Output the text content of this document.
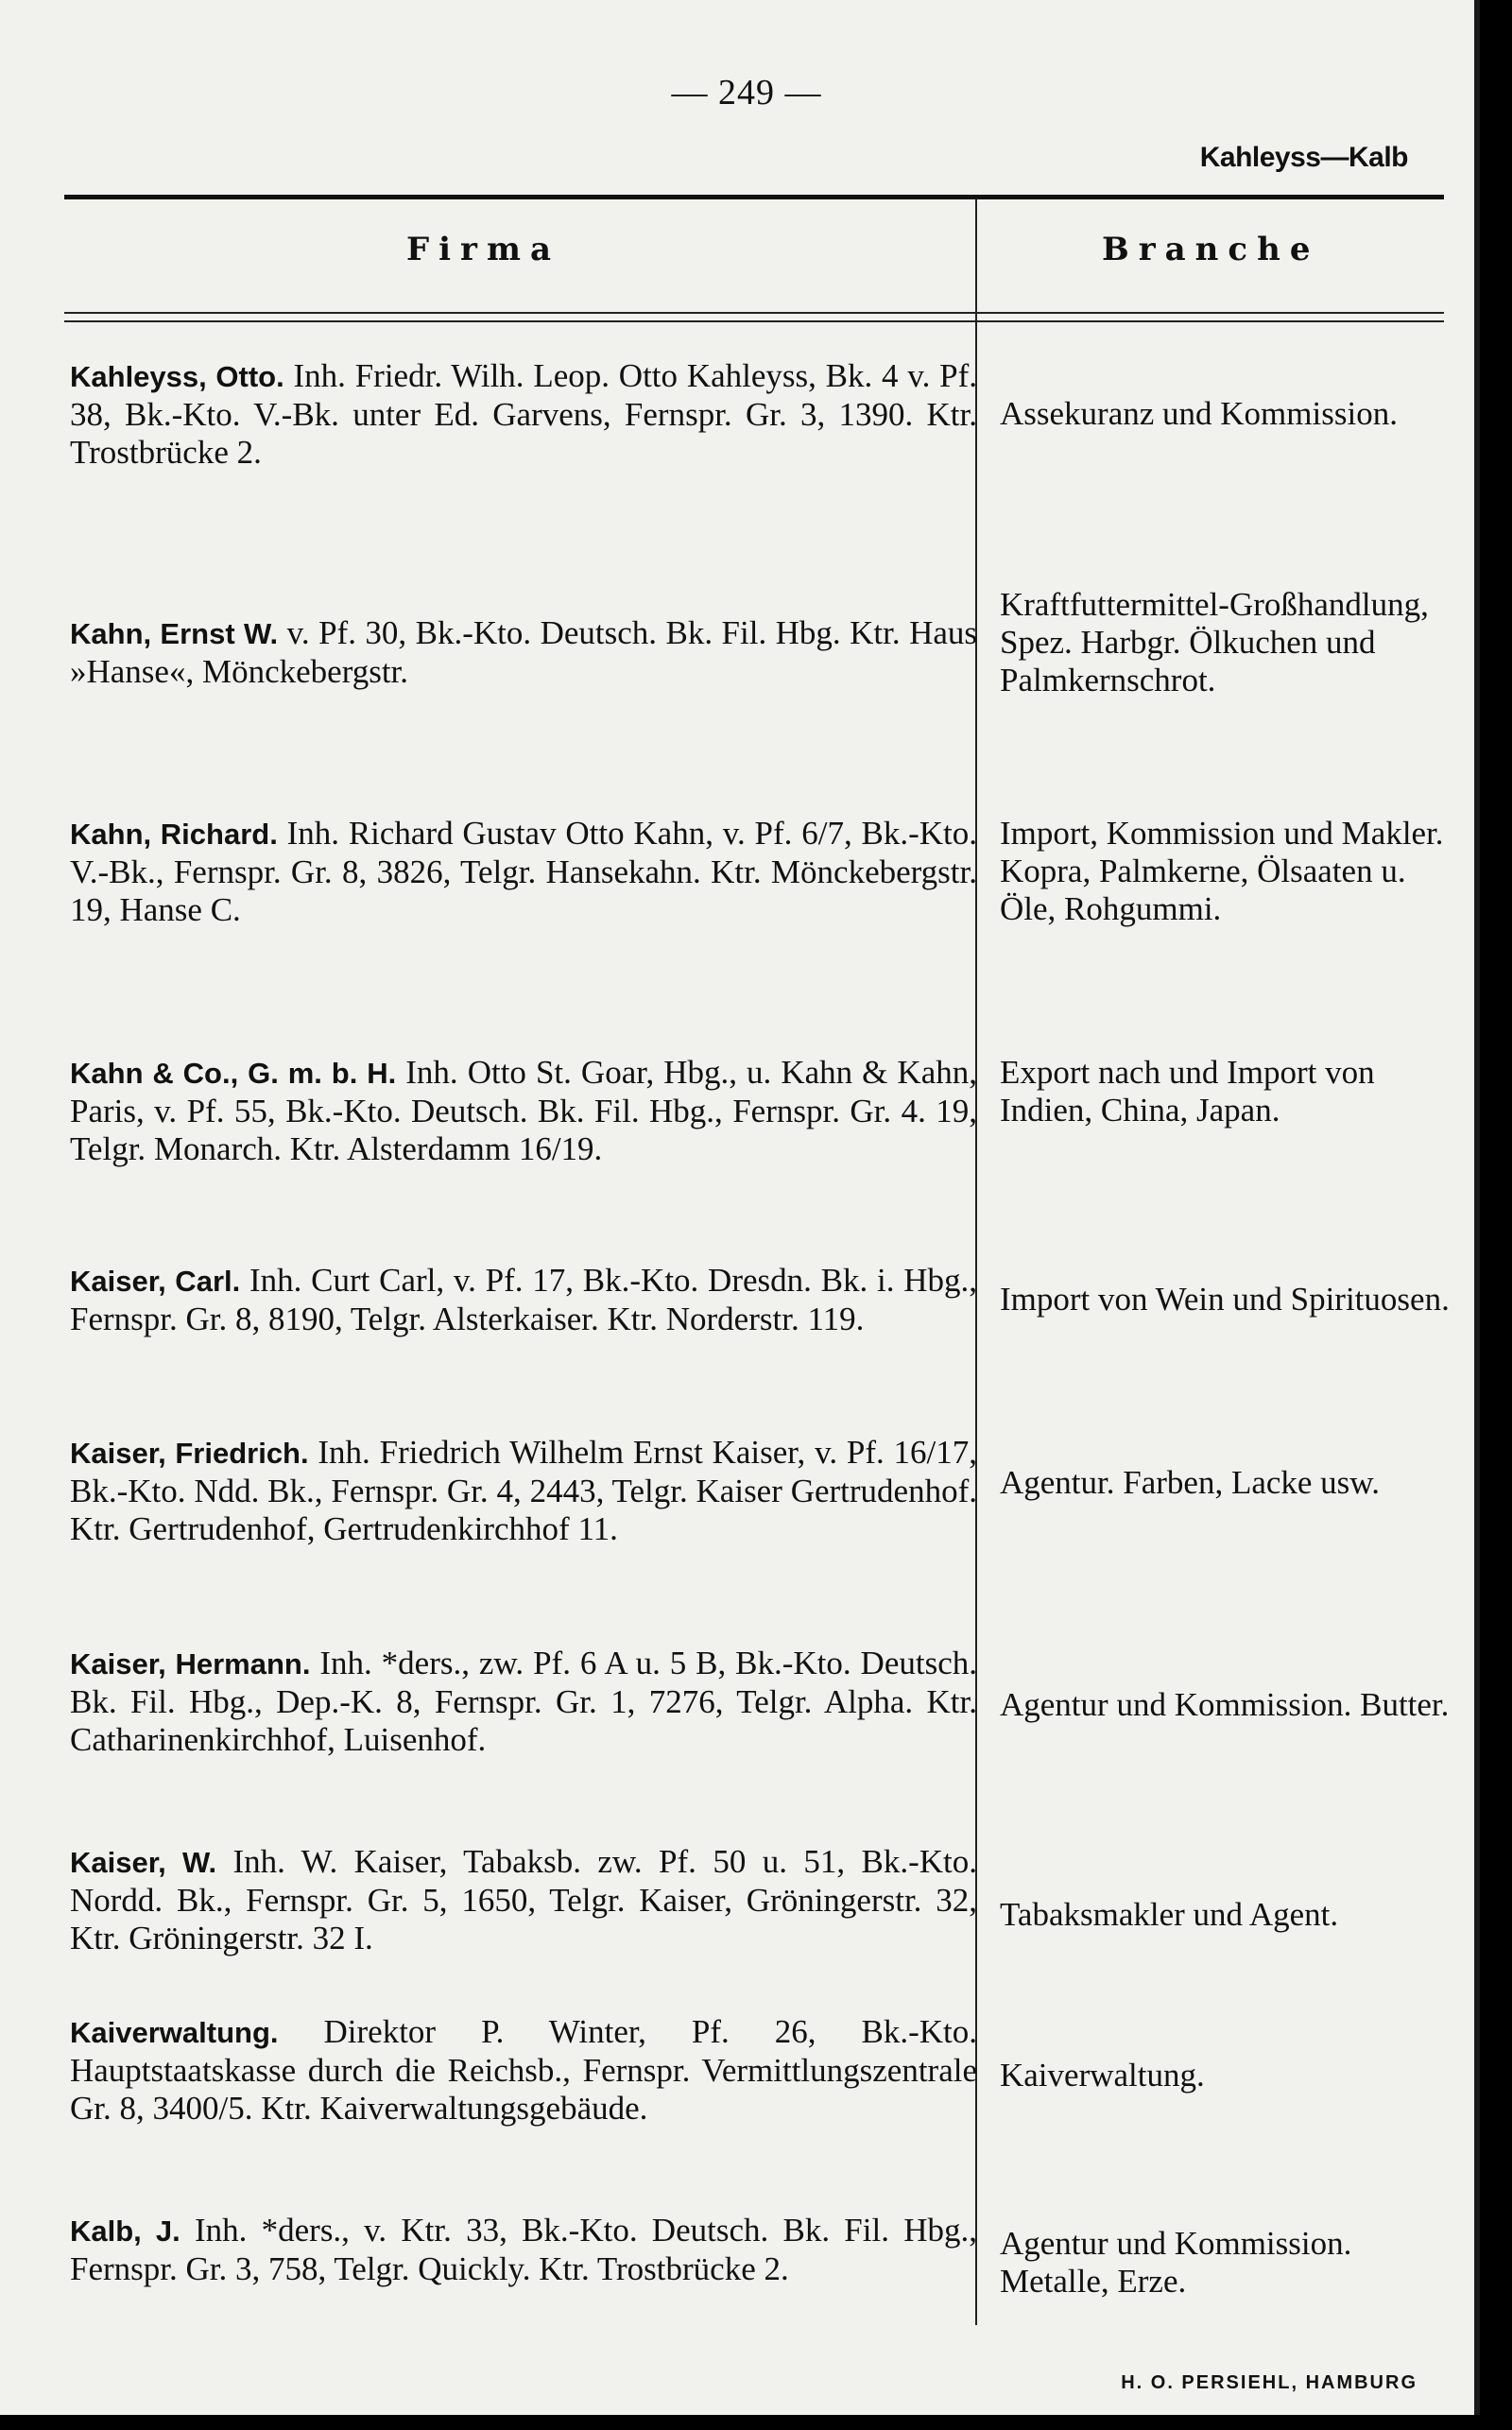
— 249 —
Kahleyss—Kalb
Firma	Branche

Kahleyss, Otto. Inh. Friedr. Wilh. Leop. Otto Kahleyss, Bk. 4 v. Pf. 38, Bk.-Kto. V.-Bk. unter Ed. Garvens, Fernspr. Gr. 3, 1390. Ktr. Trostbrücke 2.

Assekuranz und Kommission.

Kahn, Ernst W. v. Pf. 30, Bk.-Kto. Deutsch. Bk. Fil. Hbg. Ktr. Haus »Hanse«, Mönckebergstr.

Kraftfuttermittel-Großhandlung, Spez. Harbgr. Ölkuchen und Palmkernschrot.

Kahn, Richard. Inh. Richard Gustav Otto Kahn, v. Pf. 6/7, Bk.-Kto. V.-Bk., Fernspr. Gr. 8, 3826, Telgr. Hansekahn. Ktr. Mönckebergstr. 19, Hanse C.

Import, Kommission und Makler. Kopra, Palmkerne, Ölsaaten u. Öle, Rohgummi.

Kahn & Co., G. m. b. H. Inh. Otto St. Goar, Hbg., u. Kahn & Kahn, Paris, v. Pf. 55, Bk.-Kto. Deutsch. Bk. Fil. Hbg., Fernspr. Gr. 4. 19, Telgr. Monarch. Ktr. Alsterdamm 16/19.

Export nach und Import von Indien, China, Japan.

Kaiser, Carl. Inh. Curt Carl, v. Pf. 17, Bk.-Kto. Dresdn. Bk. i. Hbg., Fernspr. Gr. 8, 8190, Telgr. Alsterkaiser. Ktr. Norderstr. 119.

Import von Wein und Spirituosen.

Kaiser, Friedrich. Inh. Friedrich Wilhelm Ernst Kaiser, v. Pf. 16/17, Bk.-Kto. Ndd. Bk., Fernspr. Gr. 4, 2443, Telgr. Kaiser Gertrudenhof. Ktr. Gertrudenhof, Gertrudenkirchhof 11.

Agentur. Farben, Lacke usw.

Kaiser, Hermann. Inh. *ders., zw. Pf. 6 A u. 5 B, Bk.-Kto. Deutsch. Bk. Fil. Hbg., Dep.-K. 8, Fernspr. Gr. 1, 7276, Telgr. Alpha. Ktr. Catharinenkirchhof, Luisenhof.

Agentur und Kommission. Butter.

Kaiser, W. Inh. W. Kaiser, Tabaksb. zw. Pf. 50 u. 51, Bk.-Kto. Nordd. Bk., Fernspr. Gr. 5, 1650, Telgr. Kaiser, Gröningerstr. 32, Ktr. Gröningerstr. 32 I.

Tabaksmakler und Agent.

Kaiverwaltung. Direktor P. Winter, Pf. 26, Bk.-Kto. Hauptstaatskasse durch die Reichsb., Fernspr. Vermittlungszentrale Gr. 8, 3400/5. Ktr. Kaiverwaltungsgebäude.

Kaiverwaltung.

Kalb, J. Inh. *ders., v. Ktr. 33, Bk.-Kto. Deutsch. Bk. Fil. Hbg., Fernspr. Gr. 3, 758, Telgr. Quickly. Ktr. Trostbrücke 2.

Agentur und Kommission. Metalle, Erze.

H. O. PERSIEHL, HAMBURG
